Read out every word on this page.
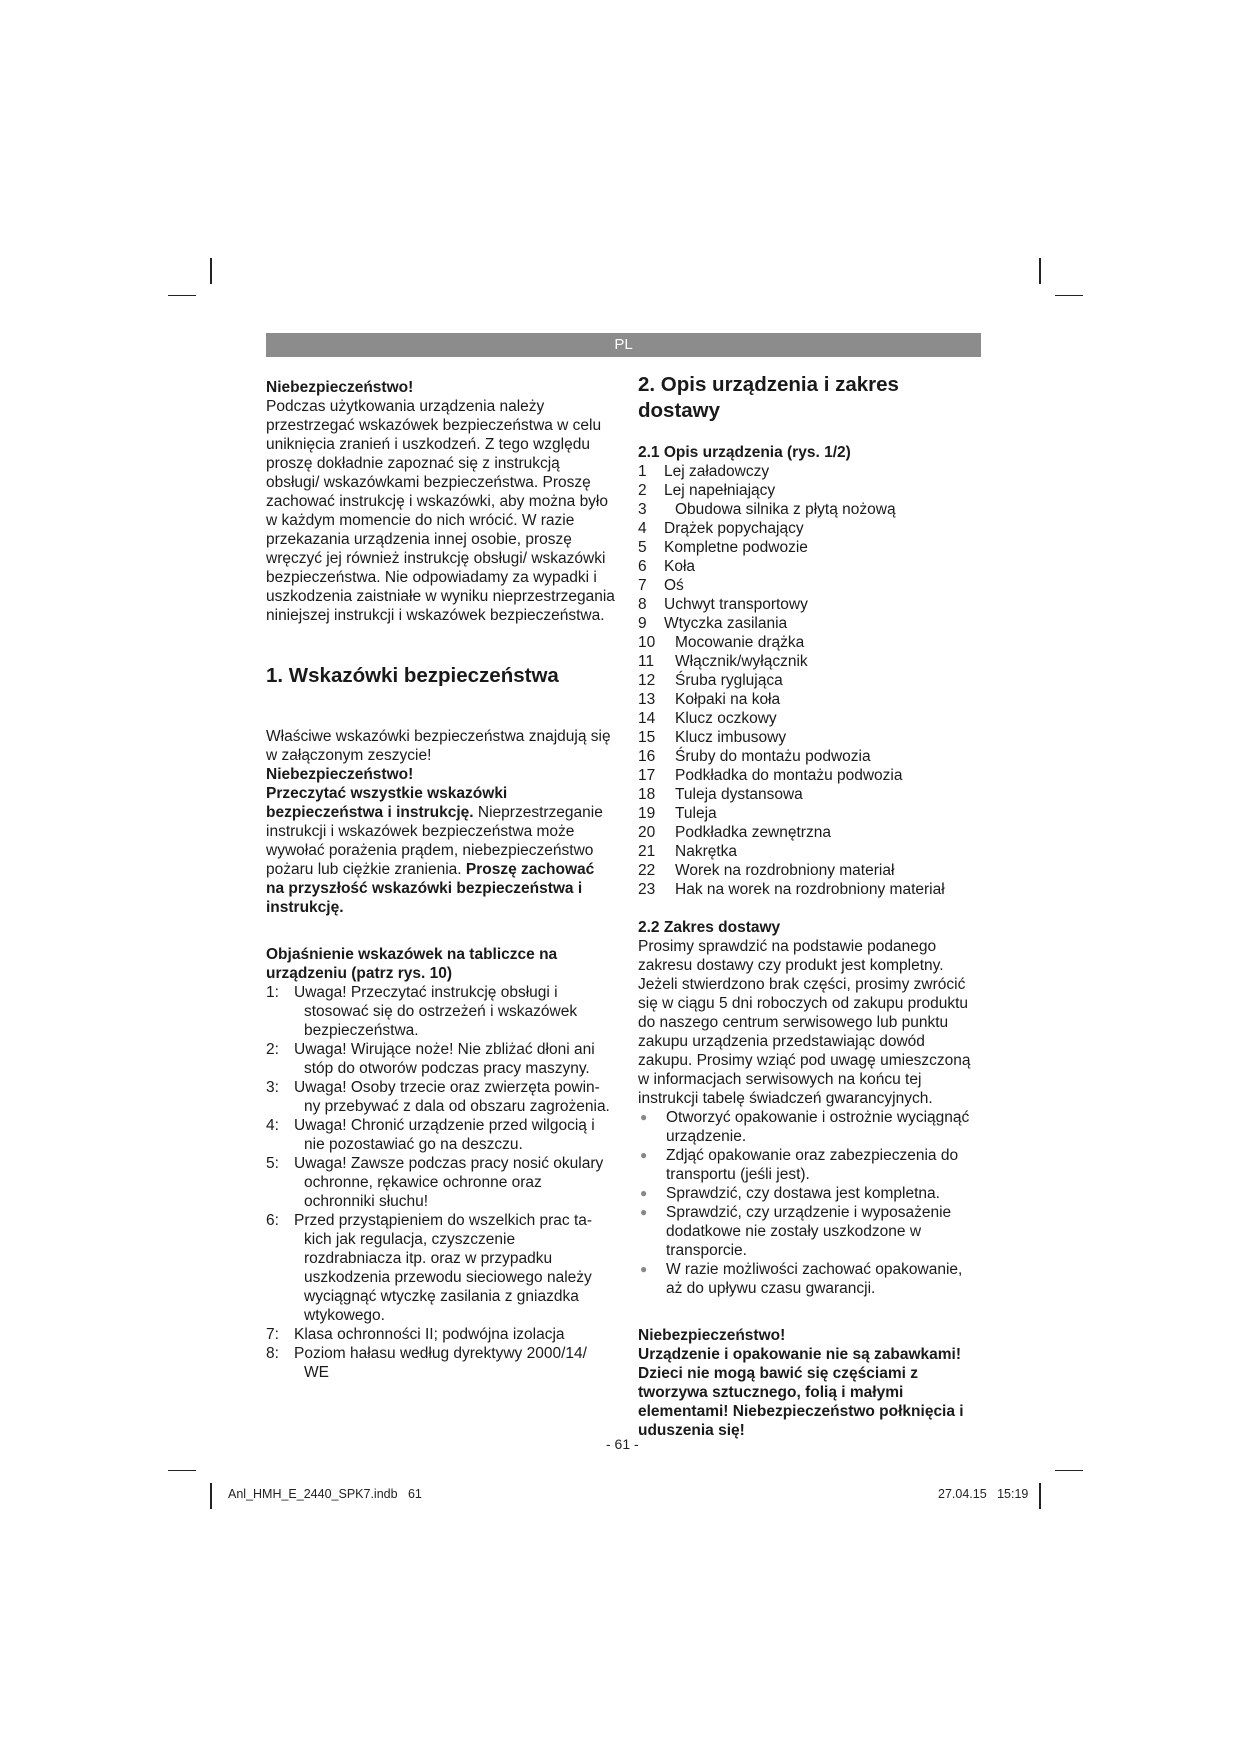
PL

Niebezpieczeństwo!

Podczas użytkowania urządzenia należy przestrzegać wskazówek bezpieczeństwa w celu uniknięcia zranień i uszkodzeń. Z tego względu proszę dokładnie zapoznać się z instrukcją obsługi/ wskazówkami bezpieczeństwa. Proszę zachować instrukcję i wskazówki, aby można było w każdym momencie do nich wrócić. W razie przekazania urządzenia innej osobie, proszę wręczyć jej również instrukcję obsługi/ wskazówki bezpieczeństwa. Nie odpowiadamy za wypadki i uszkodzenia zaistniałe w wyniku nieprzestrzegania niniejszej instrukcji i wskazówek bezpieczeństwa.

1. Wskazówki bezpieczeństwa

Właściwe wskazówki bezpieczeństwa znajdują się w załączonym zeszycie!

Niebezpieczeństwo!

Przeczytać wszystkie wskazówki bezpieczeństwa i instrukcję. Nieprzestrzeganie instrukcji i wskazówek bezpieczeństwa może wywołać porażenia prądem, niebezpieczeństwo pożaru lub ciężkie zranienia. Proszę zachować na przyszłość wskazówki bezpieczeństwa i instrukcję.

Objaśnienie wskazówek na tabliczce na urządzeniu (patrz rys. 10)
1: Uwaga! Przeczytać instrukcję obsługi i
stosować się do ostrzeżeń i wskazówek bezpieczeństwa.
2: Uwaga! Wirujące noże! Nie zbliżać dłoni ani
stóp do otworów podczas pracy maszyny.
3: Uwaga! Osoby trzecie oraz zwierzęta powin-
ny przebywać z dala od obszaru zagrożenia.
4: Uwaga! Chronić urządzenie przed wilgocią i
nie pozostawiać go na deszczu.
5: Uwaga! Zawsze podczas pracy nosić okulary
ochronne, rękawice ochronne oraz ochronniki słuchu!
6: Przed przystąpieniem do wszelkich prac ta-
kich jak regulacja, czyszczenie rozdrabniacza itp. oraz w przypadku uszkodzenia przewodu sieciowego należy wyciągnąć wtyczkę zasilania z gniazdka wtykowego.
7: Klasa ochronności II; podwójna izolacja
8: Poziom hałasu według dyrektywy 2000/14/
WE
2. Opis urządzenia i zakres dostawy
2.1 Opis urządzenia (rys. 1/2)
1	Lej załadowczy
2	Lej napełniający
3	Obudowa silnika z płytą nożową
4	Drążek popychający
5	Kompletne podwozie
6	Koła
7	Oś
8	Uchwyt transportowy
9	Wtyczka zasilania
10	Mocowanie drążka
11	Włącznik/wyłącznik
12	Śruba ryglująca
13	Kołpaki na koła
14	Klucz oczkowy
15	Klucz imbusowy
16	Śruby do montażu podwozia
17	Podkładka do montażu podwozia
18	Tuleja dystansowa
19	Tuleja
20	Podkładka zewnętrzna
21	Nakrętka
22	Worek na rozdrobniony materiał
23	Hak na worek na rozdrobniony materiał
2.2 Zakres dostawy

Prosimy sprawdzić na podstawie podanego zakresu dostawy czy produkt jest kompletny. Jeżeli stwierdzono brak części, prosimy zwrócić się w ciągu 5 dni roboczych od zakupu produktu do naszego centrum serwisowego lub punktu zakupu urządzenia przedstawiając dowód zakupu. Prosimy wziąć pod uwagę umieszczoną w informacjach serwisowych na końcu tej instrukcji tabelę świadczeń gwarancyjnych.

●	Otworzyć opakowanie i ostrożnie wyciągnąć urządzenie.
●	Zdjąć opakowanie oraz zabezpieczenia do transportu (jeśli jest).
●	Sprawdzić, czy dostawa jest kompletna.
●	Sprawdzić, czy urządzenie i wyposażenie dodatkowe nie zostały uszkodzone w transporcie.
●	W razie możliwości zachować opakowanie, aż do upływu czasu gwarancji.

Niebezpieczeństwo!

Urządzenie i opakowanie nie są zabawkami! Dzieci nie mogą bawić się częściami z tworzywa sztucznego, folią i małymi elementami! Niebezpieczeństwo połknięcia i uduszenia się!

- 61 -
Anl_HMH_E_2440_SPK7.indb   61	27.04.15   15:19
